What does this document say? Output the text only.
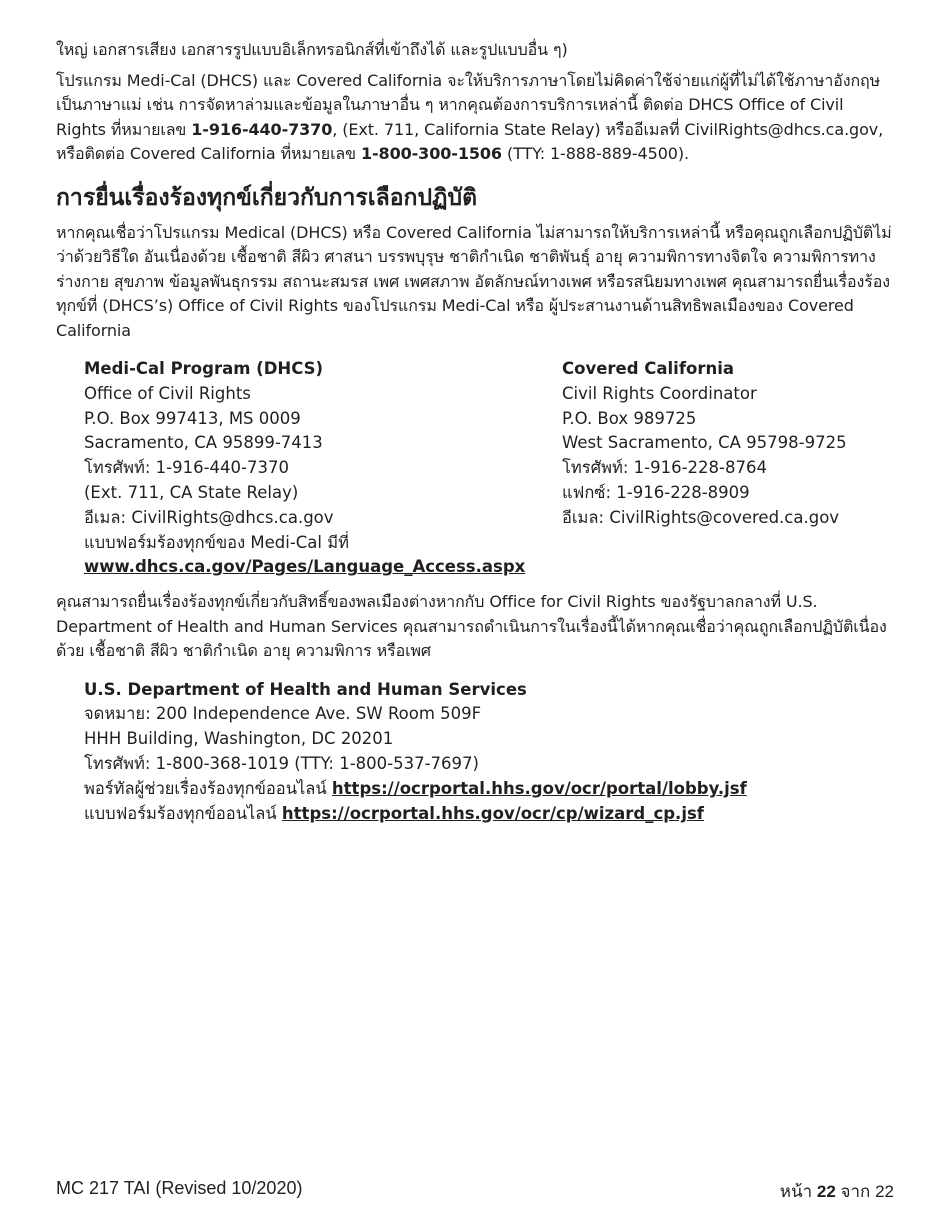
ใหญ่ เอกสารเสียง เอกสารรูปแบบอิเล็กทรอนิกส์ที่เข้าถึงได้ และรูปแบบอื่น ๆ)

โปรแกรม Medi-Cal (DHCS) และ Covered California จะให้บริการภาษาโดยไม่คิดค่าใช้จ่ายแก่ผู้ที่ไม่ได้ใช้ภาษาอังกฤษเป็นภาษาแม่ เช่น การจัดหาล่ามและข้อมูลในภาษาอื่น ๆ หากคุณต้องการบริการเหล่านี้ ติดต่อ DHCS Office of Civil Rights ที่หมายเลข 1-916-440-7370, (Ext. 711, California State Relay) หรืออีเมลที่ CivilRights@dhcs.ca.gov, หรือติดต่อ Covered California ที่หมายเลข 1-800-300-1506 (TTY: 1-888-889-4500).

การยื่นเรื่องร้องทุกข์เกี่ยวกับการเลือกปฏิบัติ

หากคุณเชื่อว่าโปรแกรม Medical (DHCS) หรือ Covered California ไม่สามารถให้บริการเหล่านี้ หรือคุณถูกเลือกปฏิบัติไม่ว่าด้วยวิธีใด อันเนื่องด้วย เชื้อชาติ สีผิว ศาสนา บรรพบุรุษ ชาติกำเนิด ชาติพันธุ์ อายุ ความพิการทางจิตใจ ความพิการทางร่างกาย สุขภาพ ข้อมูลพันธุกรรม สถานะสมรส เพศ เพศสภาพ อัตลักษณ์ทางเพศ หรือรสนิยมทางเพศ คุณสามารถยื่นเรื่องร้องทุกข์ที่ (DHCS’s) Office of Civil Rights ของโปรแกรม Medi-Cal หรือ ผู้ประสานงานด้านสิทธิพลเมืองของ Covered California

Medi-Cal Program (DHCS)
Office of Civil Rights
P.O. Box 997413, MS 0009
Sacramento, CA 95899-7413
โทรศัพท์: 1-916-440-7370
(Ext. 711, CA State Relay)
อีเมล: CivilRights@dhcs.ca.gov
แบบฟอร์มร้องทุกข์ของ Medi-Cal มีที่
www.dhcs.ca.gov/Pages/Language_Access.aspx
Covered California
Civil Rights Coordinator
P.O. Box 989725
West Sacramento, CA 95798-9725
โทรศัพท์: 1-916-228-8764
แฟกซ์: 1-916-228-8909
อีเมล: CivilRights@covered.ca.gov

คุณสามารถยื่นเรื่องร้องทุกข์เกี่ยวกับสิทธิ์ของพลเมืองต่างหากกับ Office for Civil Rights ของรัฐบาลกลางที่ U.S. Department of Health and Human Services คุณสามารถดำเนินการในเรื่องนี้ได้หากคุณเชื่อว่าคุณถูกเลือกปฏิบัติเนื่องด้วย เชื้อชาติ สีผิว ชาติกำเนิด อายุ ความพิการ หรือเพศ

U.S. Department of Health and Human Services
จดหมาย: 200 Independence Ave. SW Room 509F
HHH Building, Washington, DC 20201
โทรศัพท์: 1-800-368-1019 (TTY: 1-800-537-7697)
พอร์ทัลผู้ช่วยเรื่องร้องทุกข์ออนไลน์ https://ocrportal.hhs.gov/ocr/portal/lobby.jsf
แบบฟอร์มร้องทุกข์ออนไลน์ https://ocrportal.hhs.gov/ocr/cp/wizard_cp.jsf
MC 217 TAI (Revised 10/2020)	หน้า 22 จาก 22
